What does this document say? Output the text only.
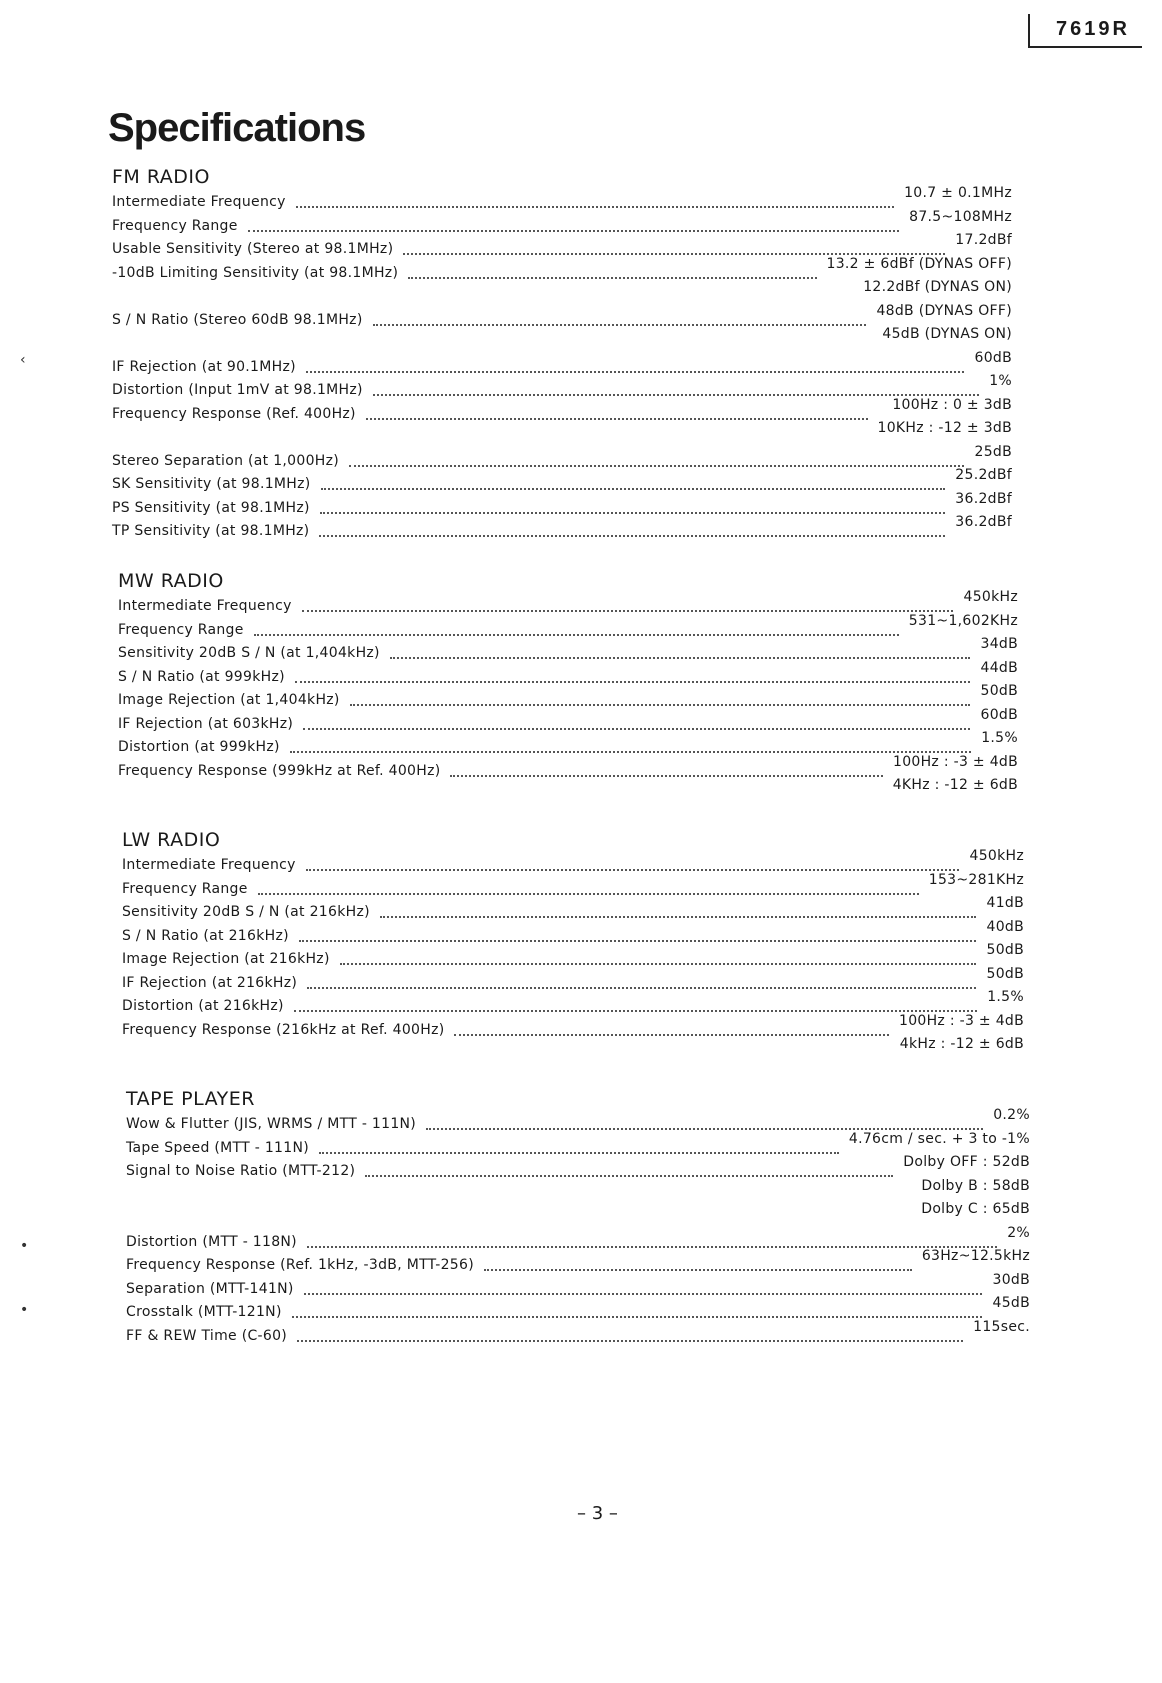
7619R
Specifications
FM RADIO
Intermediate Frequency
10.7 ± 0.1MHz
Frequency Range
87.5~108MHz
Usable Sensitivity (Stereo at 98.1MHz)
17.2dBf
-10dB Limiting Sensitivity (at 98.1MHz)
13.2 ± 6dBf (DYNAS OFF)
12.2dBf (DYNAS ON)
S / N Ratio (Stereo 60dB 98.1MHz)
48dB (DYNAS OFF)
45dB (DYNAS ON)
IF Rejection (at 90.1MHz)
60dB
Distortion (Input 1mV at 98.1MHz)
1%
Frequency Response (Ref. 400Hz)
100Hz : 0 ± 3dB
10KHz : -12 ± 3dB
Stereo Separation (at 1,000Hz)
25dB
SK Sensitivity (at 98.1MHz)
25.2dBf
PS Sensitivity (at 98.1MHz)
36.2dBf
TP Sensitivity (at 98.1MHz)
36.2dBf
MW RADIO
Intermediate Frequency
450kHz
Frequency Range
531~1,602KHz
Sensitivity 20dB S / N (at 1,404kHz)
34dB
S / N Ratio (at 999kHz)
44dB
Image Rejection (at 1,404kHz)
50dB
IF Rejection (at 603kHz)
60dB
Distortion (at 999kHz)
1.5%
Frequency Response (999kHz at Ref. 400Hz)
100Hz : -3 ± 4dB
4KHz : -12 ± 6dB
LW RADIO
Intermediate Frequency
450kHz
Frequency Range
153~281KHz
Sensitivity 20dB S / N (at 216kHz)
41dB
S / N Ratio (at 216kHz)
40dB
Image Rejection (at 216kHz)
50dB
IF Rejection (at 216kHz)
50dB
Distortion (at 216kHz)
1.5%
Frequency Response (216kHz at Ref. 400Hz)
100Hz : -3 ± 4dB
4kHz : -12 ± 6dB
TAPE PLAYER
Wow & Flutter (JIS, WRMS / MTT - 111N)
0.2%
Tape Speed (MTT - 111N)
4.76cm / sec. + 3 to -1%
Signal to Noise Ratio (MTT-212)
Dolby OFF : 52dB
Dolby B : 58dB
Dolby C : 65dB
Distortion (MTT - 118N)
2%
Frequency Response (Ref. 1kHz, -3dB, MTT-256)
63Hz~12.5kHz
Separation (MTT-141N)
30dB
Crosstalk (MTT-121N)
45dB
FF & REW Time (C-60)
115sec.
– 3 –
‹
•
•
